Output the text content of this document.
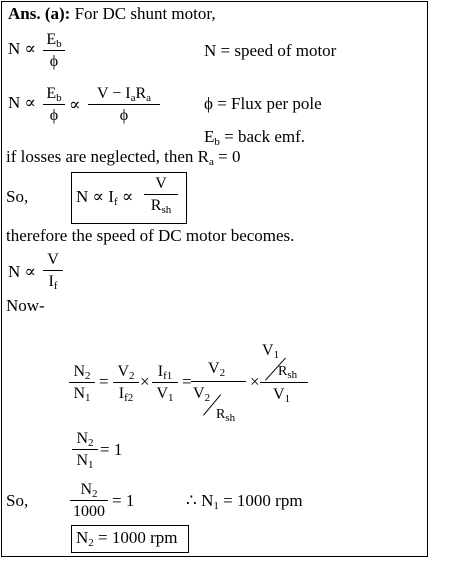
Ans. (a): For DC shunt motor,
$N \propto E_b$
ϕ
N = speed of motor
$N \propto E_b$
ϕ
∝
$V - I_aR_a$
ϕ
ϕ = Flux per pole
$E_b$ = back emf.
if losses are neglected, then $R_a = 0$
So,	$N \propto I_f$ ∝
V
$R_{sh}$
therefore the speed of DC motor becomes.
N ∝
V
$I_f$
Now-
$N_2$
$N_1$
=
$V_2$
$I_{f2}$
×
$I_{f1}$
$V_1$
=
$V_2$
$V_2$
$R_{sh}$
×
$V_1$
$R_{sh}$
$V_1$
$N_2$
$N_1$
= 1
So,
$N_2$
1000
= 1	∴ $N_1 = 1000$ rpm
$N_2 = 1000$ rpm
